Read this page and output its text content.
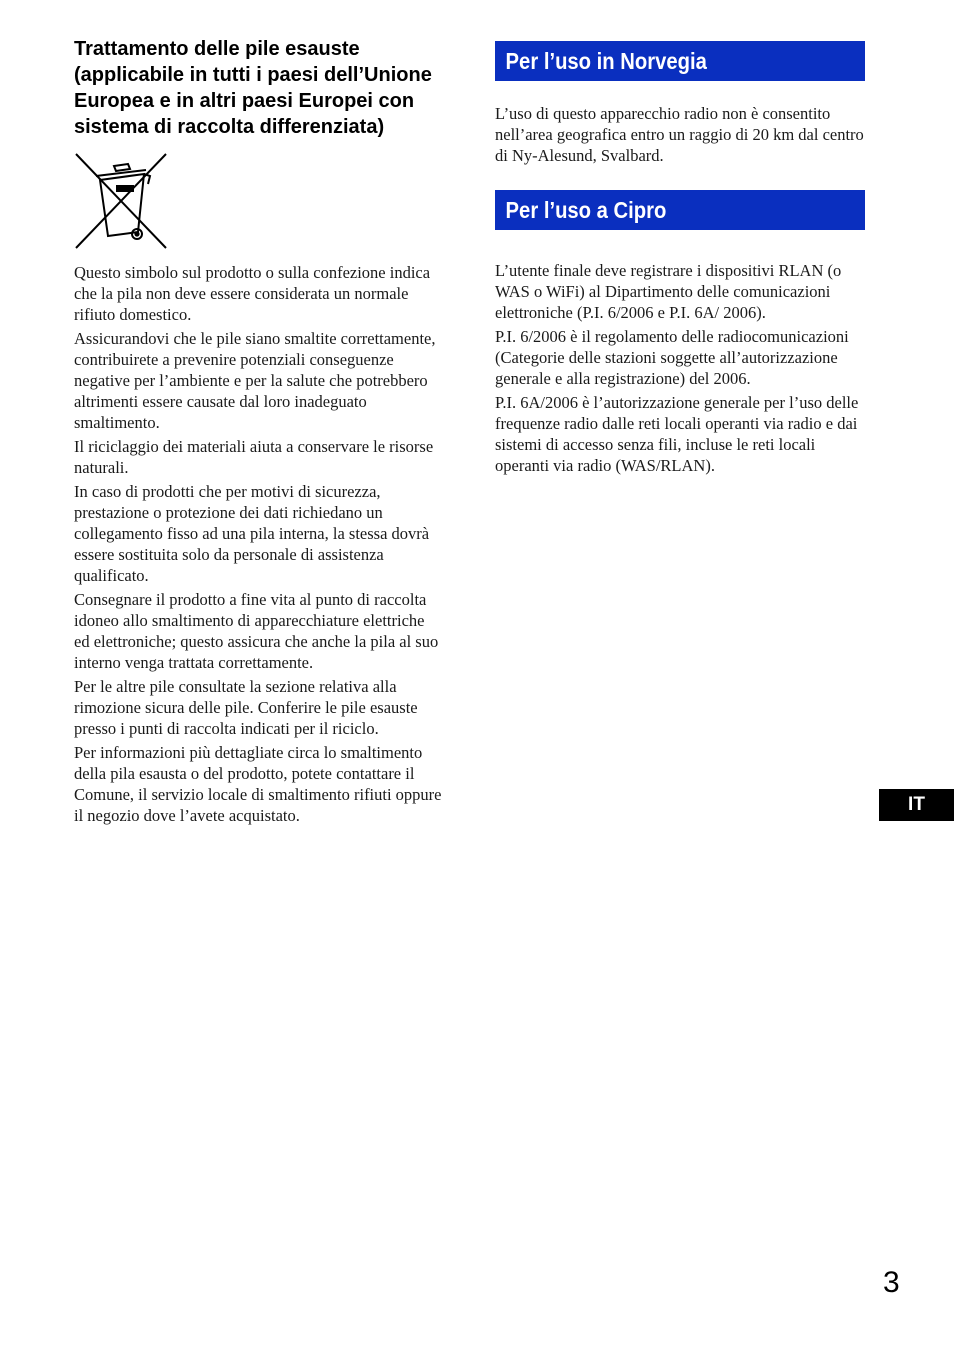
Trattamento delle pile esauste (applicabile in tutti i paesi dell’Unione Europea e in altri paesi Europei con sistema di raccolta differenziata)

Questo simbolo sul prodotto o sulla confezione indica che la pila non deve essere considerata un normale rifiuto domestico.

Assicurandovi che le pile siano smaltite correttamente, contribuirete a prevenire potenziali conseguenze negative per l’ambiente e per la salute che potrebbero altrimenti essere causate dal loro inadeguato smaltimento.

Il riciclaggio dei materiali aiuta a conservare le risorse naturali.

In caso di prodotti che per motivi di sicurezza, prestazione o protezione dei dati richiedano un collegamento fisso ad una pila interna, la stessa dovrà essere sostituita solo da personale di assistenza qualificato.

Consegnare il prodotto a fine vita al punto di raccolta idoneo allo smaltimento di apparecchiature elettriche ed elettroniche; questo assicura che anche la pila al suo interno venga trattata correttamente.

Per le altre pile consultate la sezione relativa alla rimozione sicura delle pile. Conferire le pile esauste presso i punti di raccolta indicati per il riciclo.

Per informazioni più dettagliate circa lo smaltimento della pila esausta o del prodotto, potete contattare il Comune, il servizio locale di smaltimento rifiuti oppure il negozio dove l’avete acquistato.

Per l’uso in Norvegia

L’uso di questo apparecchio radio non è consentito nell’area geografica entro un raggio di 20 km dal centro di Ny-Alesund, Svalbard.

Per l’uso a Cipro

L’utente finale deve registrare i dispositivi RLAN (o WAS o WiFi) al Dipartimento delle comunicazioni elettroniche (P.I. 6/2006 e P.I. 6A/ 2006).

P.I. 6/2006 è il regolamento delle radiocomunicazioni (Categorie delle stazioni soggette all’autorizzazione generale e alla registrazione) del 2006.

P.I. 6A/2006 è l’autorizzazione generale per l’uso delle frequenze radio dalle reti locali operanti via radio e dai sistemi di accesso senza fili, incluse le reti locali operanti via radio (WAS/RLAN).

IT
3
